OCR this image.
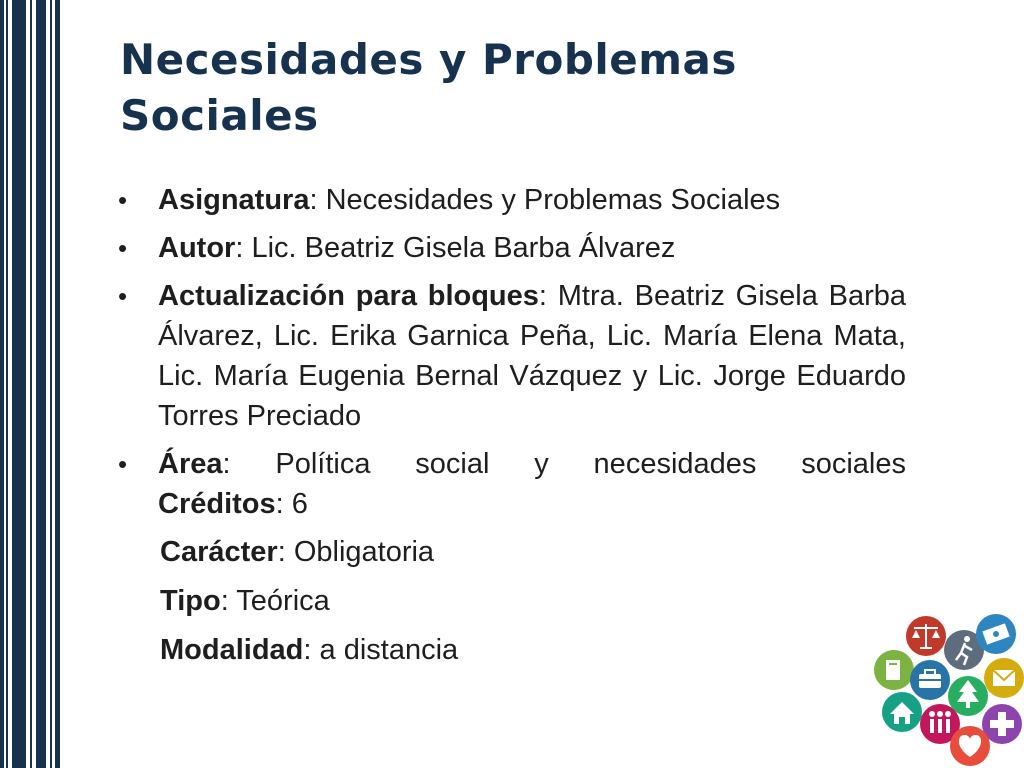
Necesidades y Problemas Sociales
• Asignatura: Necesidades y Problemas Sociales
• Autor: Lic. Beatriz Gisela Barba Álvarez
• Actualización para bloques: Mtra. Beatriz Gisela Barba Álvarez, Lic. Erika Garnica Peña, Lic. María Elena Mata, Lic. María Eugenia Bernal Vázquez y Lic. Jorge Eduardo Torres Preciado
• Área: Política social y necesidades sociales
Créditos: 6
Carácter: Obligatoria
Tipo: Teórica
Modalidad: a distancia
